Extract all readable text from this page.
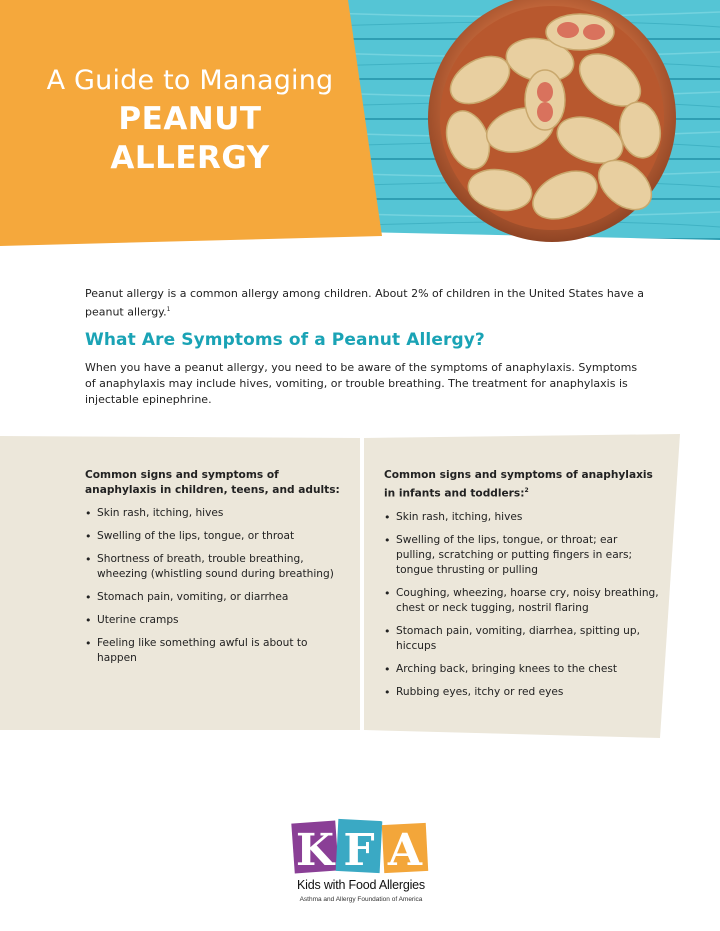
A Guide to Managing
PEANUT
ALLERGY

Peanut allergy is a common allergy among children. About 2% of children in the United States have a peanut allergy.$^1$

What Are Symptoms of a Peanut Allergy?

When you have a peanut allergy, you need to be aware of the symptoms of anaphylaxis. Symptoms of anaphylaxis may include hives, vomiting, or trouble breathing. The treatment for anaphylaxis is injectable epinephrine.

Common signs and symptoms of anaphylaxis in children, teens, and adults:
• Skin rash, itching, hives
• Swelling of the lips, tongue, or throat
• Shortness of breath, trouble breathing, wheezing (whistling sound during breathing)
• Stomach pain, vomiting, or diarrhea
• Uterine cramps
• Feeling like something awful is about to happen
Common signs and symptoms of anaphylaxis in infants and toddlers:$^2$
• Skin rash, itching, hives
• Swelling of the lips, tongue, or throat; ear pulling, scratching or putting fingers in ears; tongue thrusting or pulling
• Coughing, wheezing, hoarse cry, noisy breathing, chest or neck tugging, nostril flaring
• Stomach pain, vomiting, diarrhea, spitting up, hiccups
• Arching back, bringing knees to the chest
• Rubbing eyes, itchy or red eyes
K F A
Kids with Food Allergies
Asthma and Allergy Foundation of America
